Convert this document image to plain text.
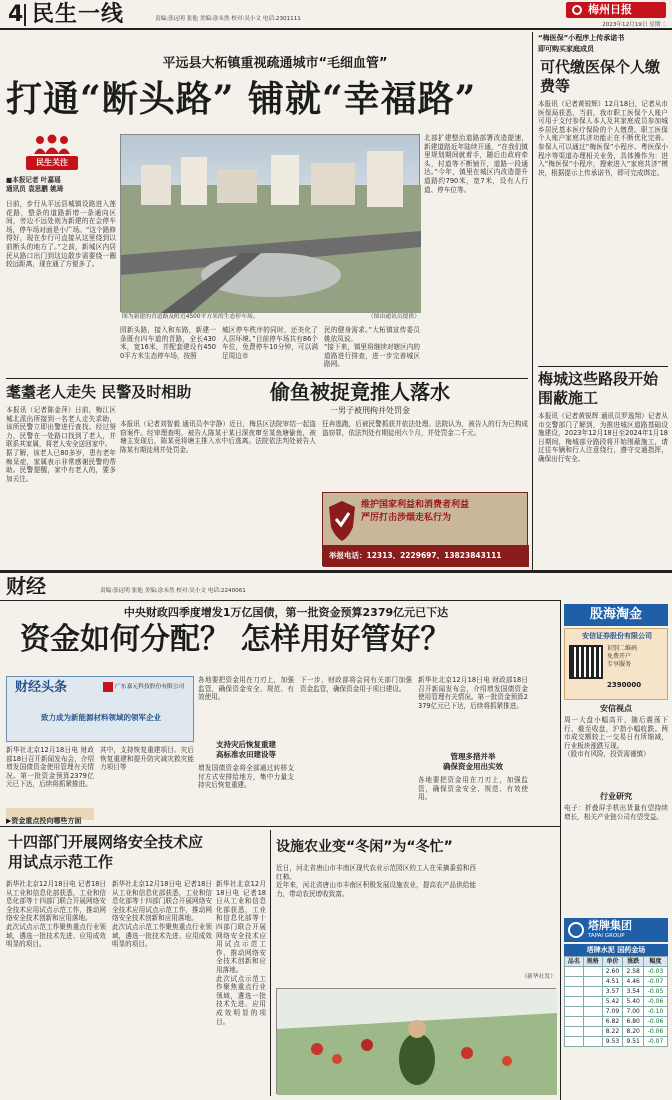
4 民生一线	责编:张远明 张他 美编:涂未然 校对:吴小文 电话:2301111
梅州日报
2023年12月19日 星期二
平远县大柘镇重视疏通城市“毛细血管”
打通“断头路” 铺就“幸福路”
民生关注
■本报记者 叶嘉瑶
通讯员 袁思鹏 姚琦
日前，步行从平远县城镇设路进入莲花路，整条的道路新增一条通向区间，旁边不远处则为新建的在会停车场，停车场对面是小广场。“这个路修得好，现在步行可直接从这里绕到以前断头的地方了。”之前，新城区内居民从路口出门到这边散步需要绕一圈较远距离，现在通了方便多了。
图为新建的青道路及附近4500平方米的生态停车场。	（图由通讯员提供）
北部扩建整治道路部署改造提速，新建道路近年陆续开通，“在我们镇里规划期间就着手，随后由政府牵头，村道等不断铺开，道路一段通达。”今年，镇里在城区内改造提升道路约790米，宽7米，设有人行道、停车位等。
园新头路，接入和东路，新建一条既有四车道的青路，全长430米，宽16米，并配套建设有4500平方米生态停车场，按照
城区停车秩序的同时，还美化了人居环境。”目前停车场共有86个车位，免费停车10分钟，可以满足周边市
民的健身需求。”大柘镇宣传委员姚依凤说。
“接下来，镇里将继续对辖区内的道路进行排查，进一步完善城区路网。
“梅医保”小程序上传承诺书
即可购买家庭成员
可代缴医保个人缴费等
本报讯（记者黄锐辉）12月18日，记者从市医保局获悉，当前，我市职工医保个人账户可用于支付参保人本人及其家庭成员参加城乡居民基本医疗保险的个人缴费。职工医保个人账户家庭共济功能正在不断优化完善。参保人可以通过“梅医保”小程序、粤医保小程序等渠道办理相关业务，具体操作为：进入“梅医保”小程序，搜索进入“家庭共济”模块，根据提示上传承诺书，即可完成绑定。
梅城这些路段开始围蔽施工
本报讯（记者黄锐辉 通讯员罗逸翔）记者从市交警部门了解到，为推进城区道路基础设施建设，2023年12月18日至2024年1月18日期间，梅城部分路段将开始围蔽施工，请过往车辆和行人注意绕行，遵守交通指挥，确保出行安全。
耄耋老人走失 民警及时相助
本报讯（记者陈金萍）日前，梅江区城北派出所接到一名老人走失求助，该所民警立即出警进行查找。经过努力，民警在一处路口找到了老人，并联系其家属，将老人安全送回家中。
据了解，该老人已80多岁，患有老年痴呆症，家属表示非常感谢民警的帮助。民警提醒，家中有老人的，要多加关注。
偷鱼被捉竟推人落水
一男子被刑拘并处罚金
本报讯（记者刘智毅 通讯员李宇静）近日，梅县区法院审结一起盗窃案件。经审理查明，被告人陈某于某日深夜窜至某鱼塘偷鱼，被塘主发现后，陈某竟将塘主推入水中后逃离。法院依法判处被告人陈某有期徒刑并处罚金。
狂奔逃跑，后被民警抓获并依法处理。法院认为，被告人的行为已构成盗窃罪，依法判处有期徒刑六个月，并处罚金二千元。
维护国家利益和消费者利益
严厉打击涉烟走私行为
举报电话：12313、2229697、13823843111
财经	责编:张远明 张他 美编:涂未然 校对:吴小文 电话:2240061
中央财政四季度增发1万亿国债，第一批资金预算2379亿元已下达
资金如何分配？ 怎样用好管好？
财经头条	广东嘉元科技股份有限公司
致力成为新能源材料领域的领军企业
新华社北京12月18日电 财政部18日召开新闻发布会，介绍增发国债资金使用管理有关情况。第一批资金预算2379亿元已下达，后续将抓紧推进。
▶资金重点投向哪些方面
其中，支持恢复重建项目、灾后恢复重建和提升防灾减灾救灾能力项目等
各地要把资金用在刀刃上，加强监管，确保资金安全、规范、有效使用。
支持灾后恢复重建
高标准农田建设等
增发国债资金将全部通过转移支付方式安排给地方，集中力量支持灾后恢复重建。
下一步，财政部将会同有关部门加强资金监管，确保资金用于项目建设。
管理多措并举
确保资金用出实效
新华社北京12月18日电 财政部18日召开新闻发布会，介绍增发国债资金使用管理有关情况。第一批资金预算2379亿元已下达，后续将抓紧推进。
各地要把资金用在刀刃上，加强监管，确保资金安全、规范、有效使用。
股海淘金
安信证券股份有限公司
识别二维码
免费开户
专享服务
2390000
安信视点
周一大盘小幅高开，随后震荡下行，截至收盘，沪指小幅收跌。两市成交额较上一交易日有所缩减，行业板块涨跌互现。
（股市有风险，投资需谨慎）
行业研究
电子：折叠屏手机出货量有望持续增长，相关产业链公司有望受益。
塔牌集团
TAPAI GROUP
塔牌水泥 国药金场
品名	规格	单价	涨跌	幅度
		2.60	2.58	-0.03
		4.51	4.46	-0.07
		3.57	3.54	-0.05
		5.42	5.40	-0.06
		7.09	7.00	-0.10
		6.82	6.80	-0.06
		8.22	8.20	-0.06
		9.53	9.51	-0.07
十四部门开展网络安全技术应用试点示范工作
新华社北京12月18日电 记者18日从工业和信息化部获悉，工业和信息化部等十四部门联合开展网络安全技术应用试点示范工作，推动网络安全技术创新和应用落地。
此次试点示范工作聚焦重点行业领域，遴选一批技术先进、应用成效明显的项目。
新华社北京12月18日电 记者18日从工业和信息化部获悉，工业和信息化部等十四部门联合开展网络安全技术应用试点示范工作，推动网络安全技术创新和应用落地。
此次试点示范工作聚焦重点行业领域，遴选一批技术先进、应用成效明显的项目。
新华社北京12月18日电 记者18日从工业和信息化部获悉，工业和信息化部等十四部门联合开展网络安全技术应用试点示范工作，推动网络安全技术创新和应用落地。
此次试点示范工作聚焦重点行业领域，遴选一批技术先进、应用成效明显的项目。
设施农业变“冬闲”为“冬忙”
近日，河北省唐山市丰南区现代农业示范园区的工人在采摘番茄和西红柿。
近年来，河北省唐山市丰南区积极发展设施农业，提高农产品供给能力，带动农民增收致富。
（新华社发）
